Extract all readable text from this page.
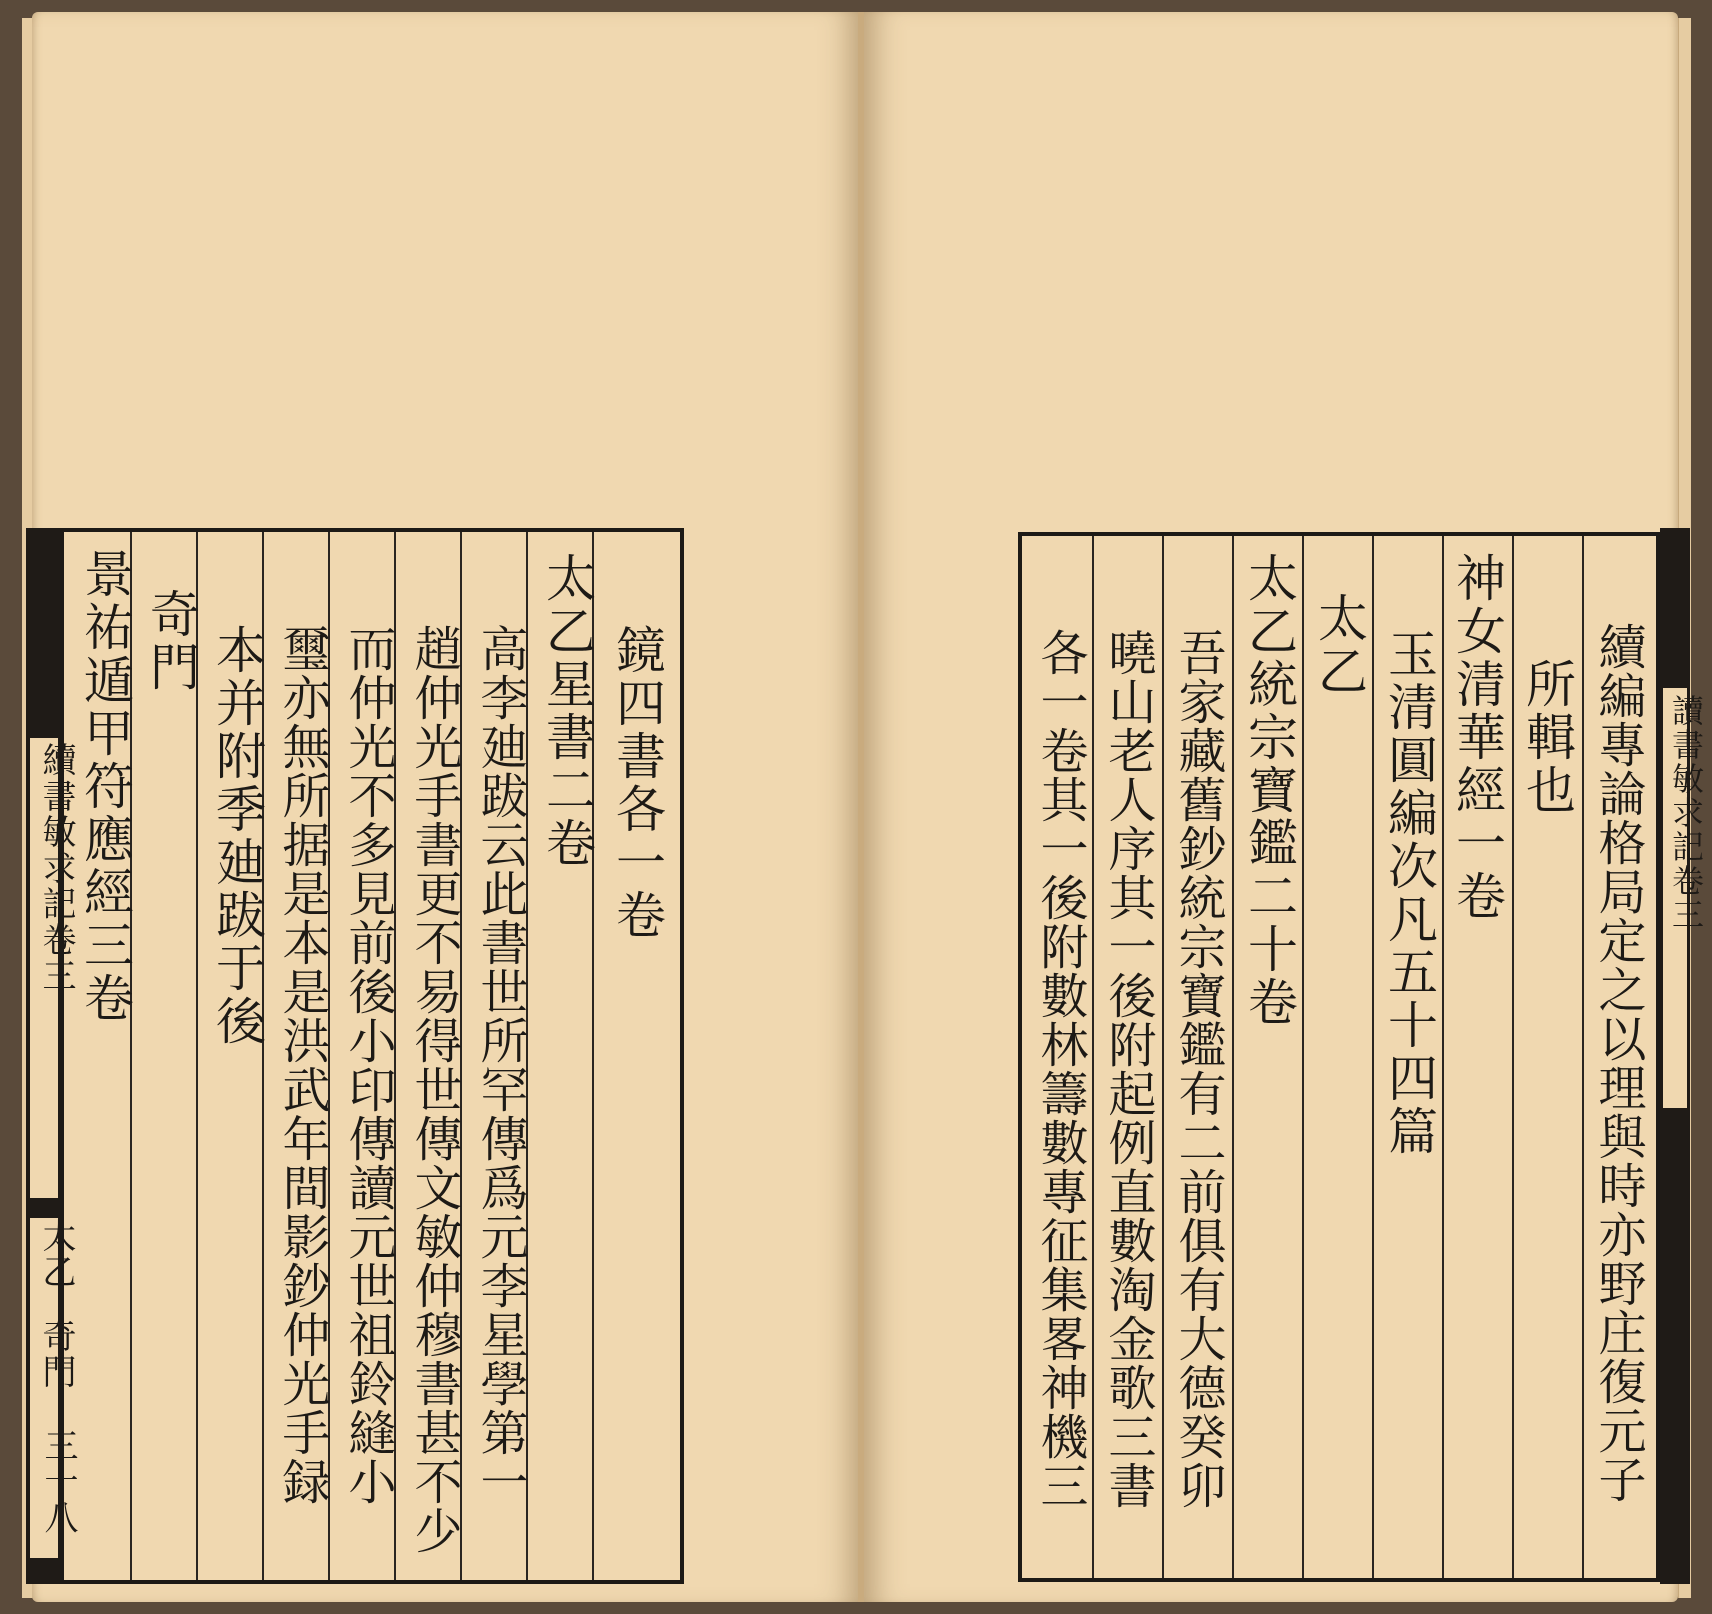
續書敏求記卷三
太乙
奇門
三十八
讀書敏求記卷三
鏡四書各一卷
太乙星書二卷
高李廸跋云此書世所罕傳爲元李星學第一
趙仲光手書更不易得世傳文敏仲穆書甚不少
而仲光不多見前後小印傳讀元世祖鈴縫小
璽亦無所据是本是洪武年間影鈔仲光手録
本并附季廸跋于後
奇門
景祐遁甲符應經三卷	續編專論格局定之以理與時亦野庄復元子
所輯也
神女清華經一卷
玉清圓編次凡五十四篇
太乙
太乙統宗寶鑑二十卷
吾家藏舊鈔統宗寶鑑有二前俱有大德癸卯
曉山老人序其一後附起例直數淘金歌三書
各一卷其一後附數林籌數專征集畧神機三
